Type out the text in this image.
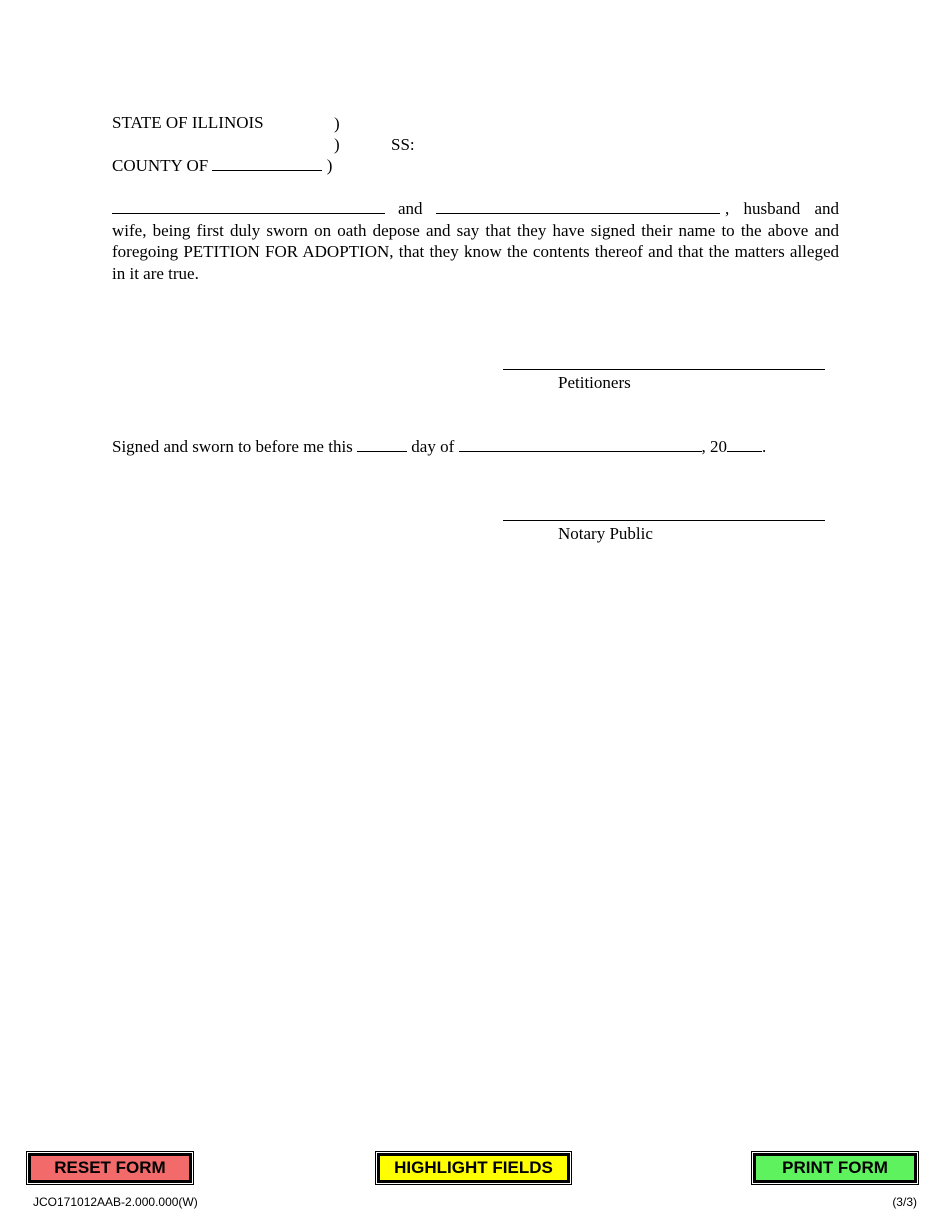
STATE OF ILLINOIS	)
)	SS:
COUNTY OF	)
and	, husband and
wife, being first duly sworn on oath depose and say that they have signed their name to the above and foregoing PETITION FOR ADOPTION, that they know the contents thereof and that the matters alleged in it are true.
Petitioners
Signed and sworn to before me this	day of	, 20 .
Notary Public
RESET FORM	HIGHLIGHT FIELDS	PRINT FORM
JCO171012AAB-2.000.000(W)	(3/3)
